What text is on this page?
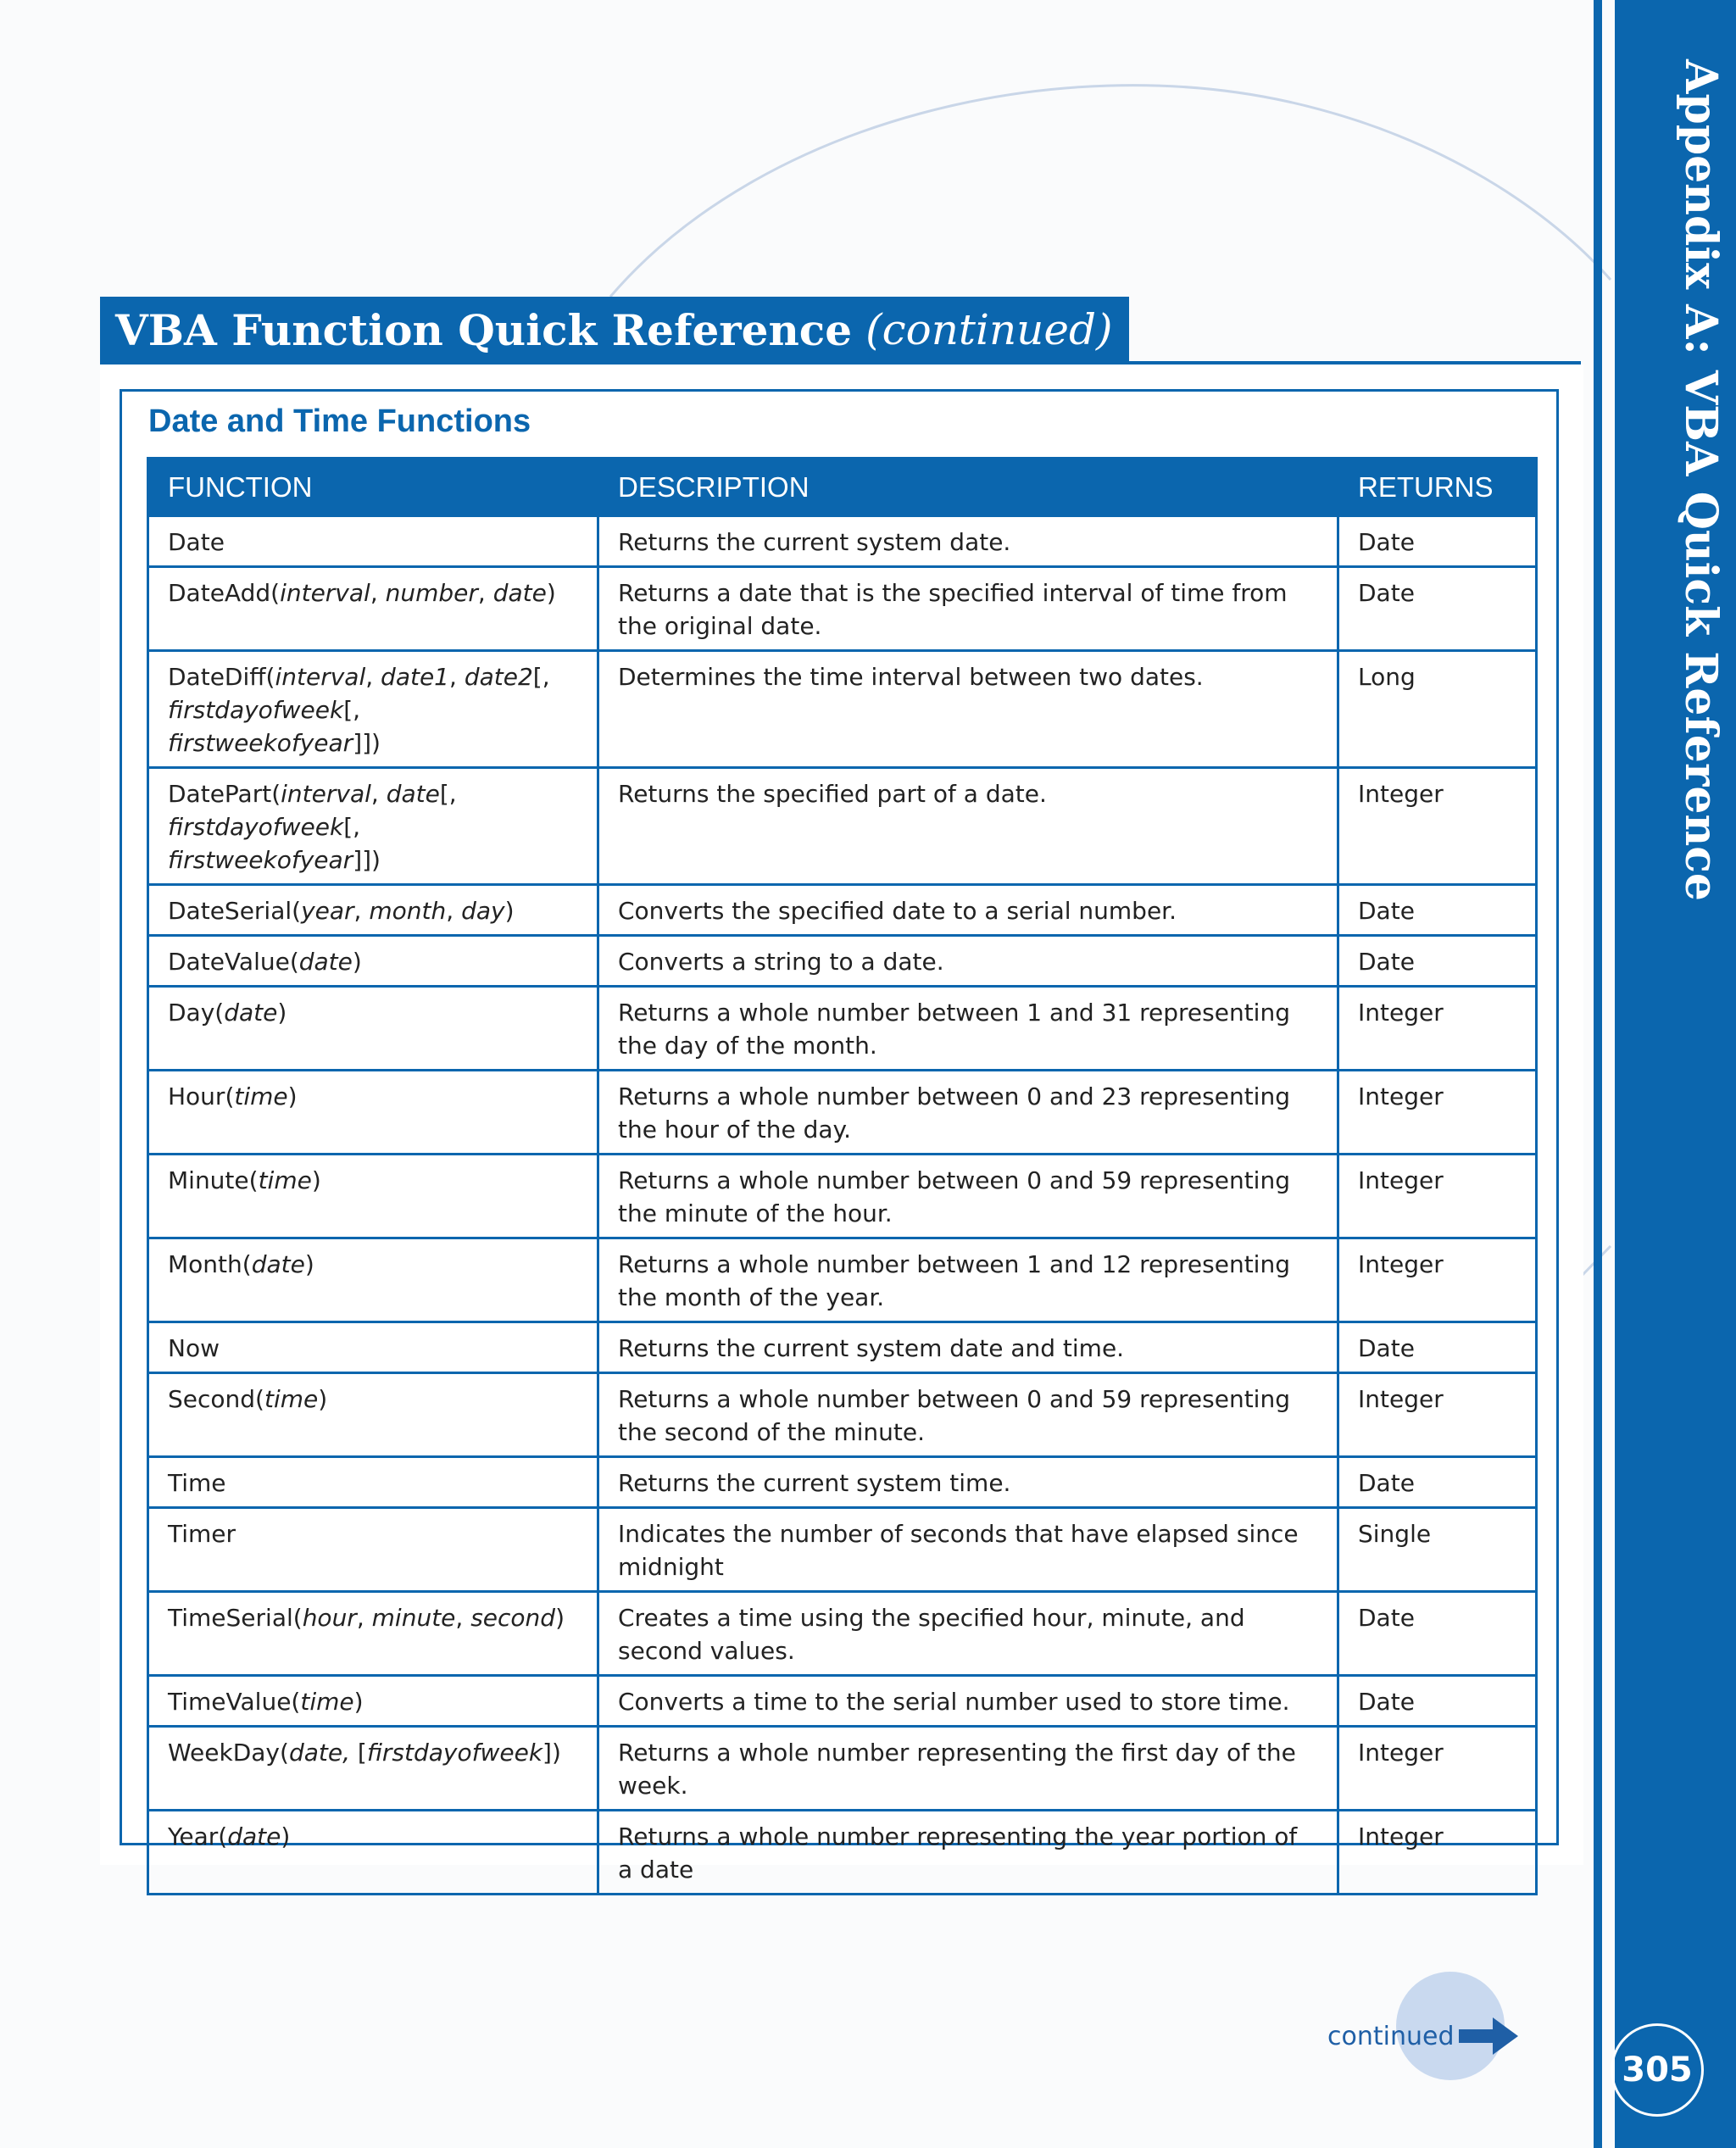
Appendix A: VBA Quick Reference
305
VBA Function Quick Reference (continued)
Date and Time Functions
FUNCTION	DESCRIPTION	RETURNS
Date	Returns the current system date.	Date
DateAdd(interval, number, date)	Returns a date that is the specified interval of time from the original date.	Date
DateDiff(interval, date1, date2[, firstdayofweek[, firstweekofyear]])	Determines the time interval between two dates.	Long
DatePart(interval, date[, firstdayofweek[, firstweekofyear]])	Returns the specified part of a date.	Integer
DateSerial(year, month, day)	Converts the specified date to a serial number.	Date
DateValue(date)	Converts a string to a date.	Date
Day(date)	Returns a whole number between 1 and 31 representing the day of the month.	Integer
Hour(time)	Returns a whole number between 0 and 23 representing the hour of the day.	Integer
Minute(time)	Returns a whole number between 0 and 59 representing the minute of the hour.	Integer
Month(date)	Returns a whole number between 1 and 12 representing the month of the year.	Integer
Now	Returns the current system date and time.	Date
Second(time)	Returns a whole number between 0 and 59 representing the second of the minute.	Integer
Time	Returns the current system time.	Date
Timer	Indicates the number of seconds that have elapsed since midnight	Single
TimeSerial(hour, minute, second)	Creates a time using the specified hour, minute, and second values.	Date
TimeValue(time)	Converts a time to the serial number used to store time.	Date
WeekDay(date, [firstdayofweek])	Returns a whole number representing the first day of the week.	Integer
Year(date)	Returns a whole number representing the year portion of a date	Integer
continued
